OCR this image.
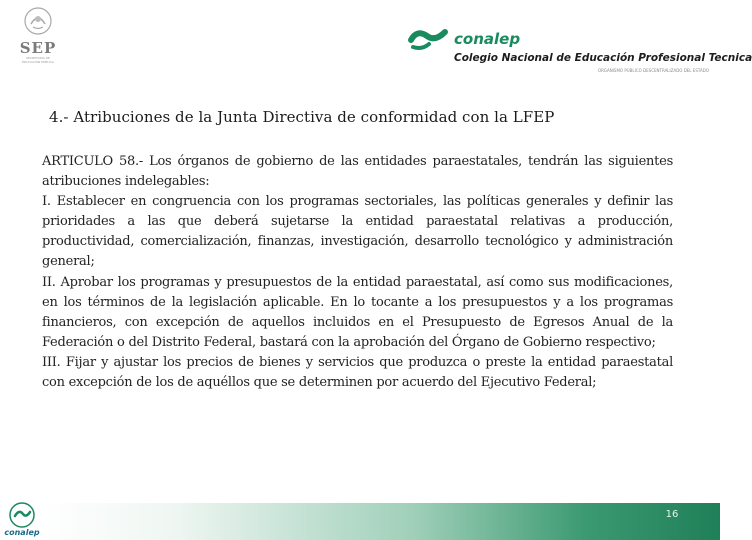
SEP
SECRETARÍA DE
EDUCACIÓN PÚBLICA
conalep
Colegio Nacional de Educación Profesional Tecnica
ORGANISMO PÚBLICO DESCENTRALIZADO DEL ESTADO
4.- Atribuciones de la Junta Directiva de conformidad con la LFEP

ARTICULO 58.- Los órganos de gobierno de las entidades paraestatales, tendrán las siguientes atribuciones indelegables:

I. Establecer en congruencia con los programas sectoriales, las políticas generales y definir las prioridades a las que deberá sujetarse la entidad paraestatal relativas a producción, productividad, comercialización, finanzas, investigación, desarrollo tecnológico y administración general;

II. Aprobar los programas y presupuestos de la entidad paraestatal, así como sus modificaciones, en los términos de la legislación aplicable. En lo tocante a los presupuestos y a los programas financieros, con excepción de aquellos incluidos en el Presupuesto de Egresos Anual de la Federación o del Distrito Federal, bastará con la aprobación del Órgano de Gobierno respectivo;

III. Fijar y ajustar los precios de bienes y servicios que produzca o preste la entidad paraestatal con excepción de los de aquéllos que se determinen por acuerdo del Ejecutivo Federal;

16
conalep
